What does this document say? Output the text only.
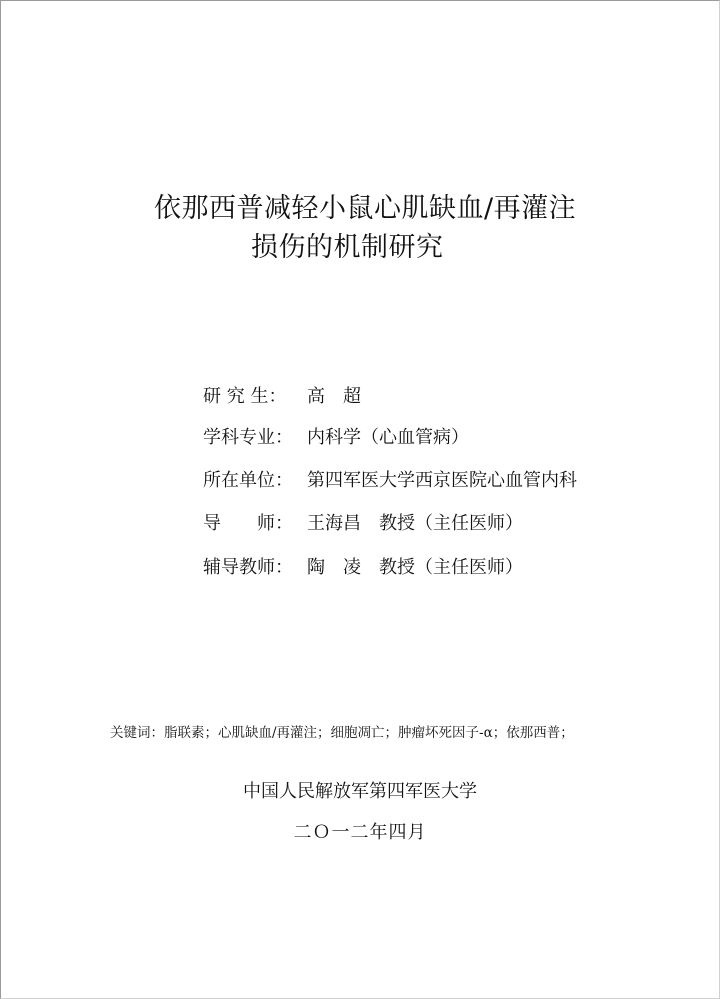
依那西普减轻小鼠心肌缺血/再灌注
损伤的机制研究
研 究 生： 高　超
学科专业： 内科学（心血管病）
所在单位： 第四军医大学西京医院心血管内科
导　　师： 王海昌　教授（主任医师）
辅导教师： 陶　凌　教授（主任医师）
关键词：脂联素；心肌缺血/再灌注；细胞凋亡；肿瘤坏死因子-α；依那西普；
中国人民解放军第四军医大学
二Ｏ一二年四月
